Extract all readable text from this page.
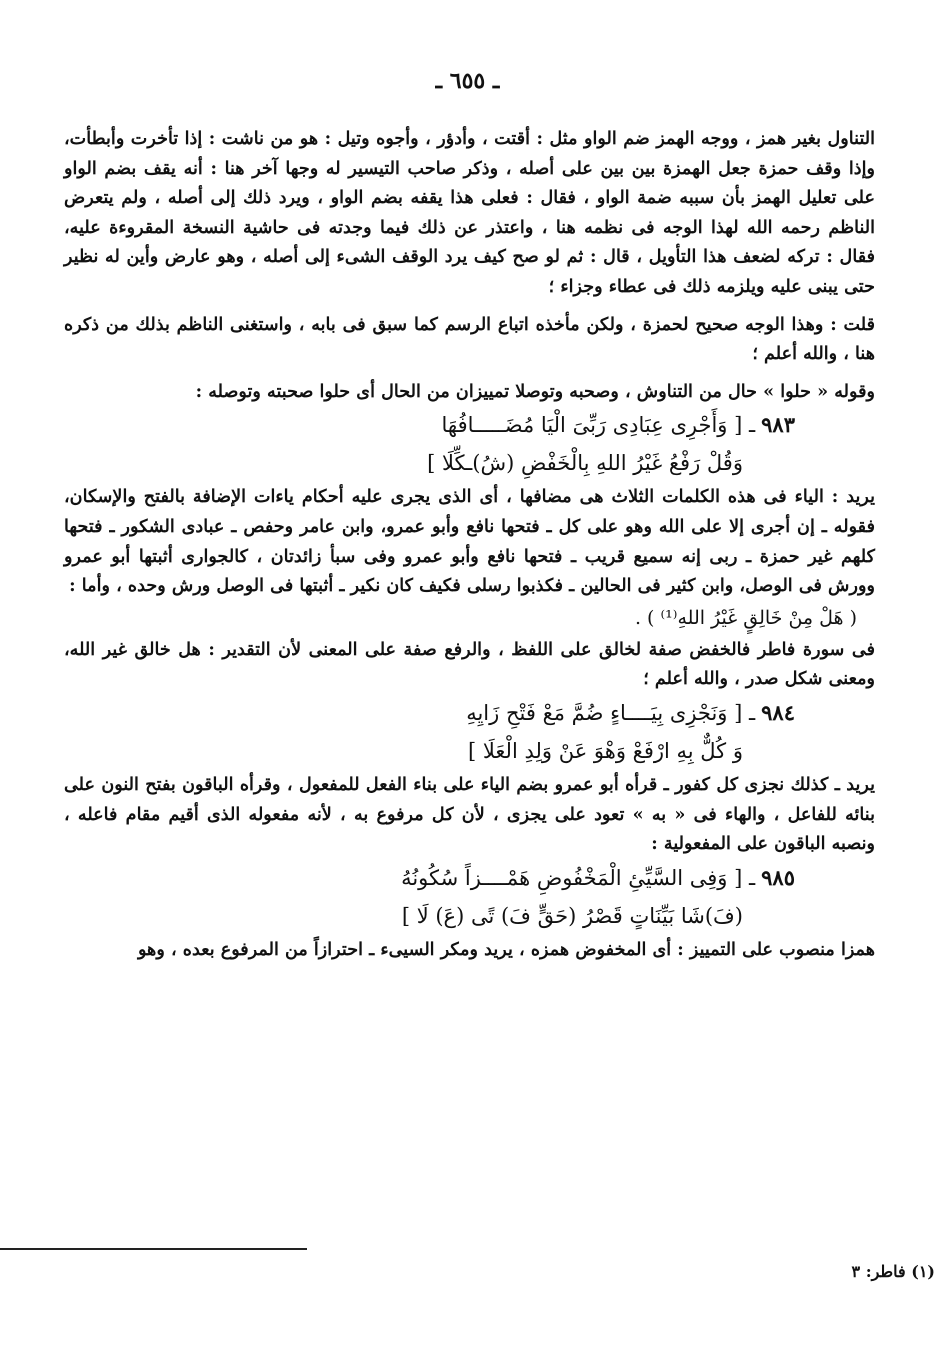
ـ ٦٥٥ ـ

التناول بغير همز ، ووجه الهمز ضم الواو مثل : أقتت ، وأدؤر ، وأجوه وتيل : هو من ناشت : إذا تأخرت وأبطأت، وإذا وقف حمزة جعل الهمزة بين بين على أصله ، وذكر صاحب التيسير له وجها آخر هنا : أنه يقف بضم الواو على تعليل الهمز بأن سببه ضمة الواو ، فقال : فعلى هذا يقفه بضم الواو ، ويرد ذلك إلى أصله ، ولم يتعرض الناظم رحمه الله لهذا الوجه فى نظمه هنا ، واعتذر عن ذلك فيما وجدته فى حاشية النسخة المقروءة عليه، فقال : تركه لضعف هذا التأويل ، قال : ثم لو صح كيف يرد الوقف الشىء إلى أصله ، وهو عارض وأين له نظير حتى يبنى عليه ويلزمه ذلك فى عطاء وجزاء ؛

قلت : وهذا الوجه صحيح لحمزة ، ولكن مأخذه اتباع الرسم كما سبق فى بابه ، واستغنى الناظم بذلك من ذكره هنا ، والله أعلم ؛

وقوله « حلوا » حال من التناوش ، وصحبه وتوصلا تمييزان من الحال أى حلوا صحبته وتوصله :

٩٨٣ـ [ وَأَجْرِى عِبَادِى رَبِّىَ الْيَا مُضَـــــافُهَا
وَقُلْ رَفْعُ غَيْرُ اللهِ بِالْخَفْضِ (شُ)ـكِّلَا ]

يريد : الياء فى هذه الكلمات الثلاث هى مضافها ، أى الذى يجرى عليه أحكام ياءات الإضافة بالفتح والإسكان، فقوله ـ إن أجرى إلا على الله وهو على كل ـ فتحها نافع وأبو عمرو، وابن عامر وحفص ـ عبادى الشكور ـ فتحها كلهم غير حمزة ـ ربى إنه سميع قريب ـ فتحها نافع وأبو عمرو وفى سبأ زائدتان ، كالجوارى أثبتها أبو عمرو وورش فى الوصل، وابن كثير فى الحالين ـ فكذبوا رسلى فكيف كان نكير ـ أثبتها فى الوصل ورش وحده ، وأما :

( هَلْ مِنْ خَالِقٍ غَيْرُ اللهِ⁽¹⁾ ) .

فى سورة فاطر فالخفض صفة لخالق على اللفظ ، والرفع صفة على المعنى لأن التقدير : هل خالق غير الله، ومعنى شكل صدر ، والله أعلم ؛

٩٨٤ـ [ وَنَجْزِى بِيَــــاءٍ ضُمَّ مَعْ فَتْحِ زَايِهِ
وَ كُلٌّ بِهِ ارْفَعْ وَهْوَ عَنْ وَلِدِ الْعَلَا ]

يريد ـ كذلك نجزى كل كفور ـ قرأه أبو عمرو بضم الياء على بناء الفعل للمفعول ، وقرأه الباقون بفتح النون على بنائه للفاعل ، والهاء فى « به » تعود على يجزى ، لأن كل مرفوع به ، لأنه مفعوله الذى أقيم مقام فاعله ، ونصبه الباقون على المفعولية :

٩٨٥ـ [ وَفِى السَّيِّئِ الْمَخْفُوضِ هَمْــــزاً سُكُونُهُ
(فَ)شَا بَيِّنَاتٍ قَصْرُ (حَقٍّ فَ) تًى (عَ) لَا ]

همزا منصوب على التمييز : أى المخفوض همزه ، يريد ومكر السيىء ـ احترازاً من المرفوع بعده ، وهو

(١) فاطر: ٣
